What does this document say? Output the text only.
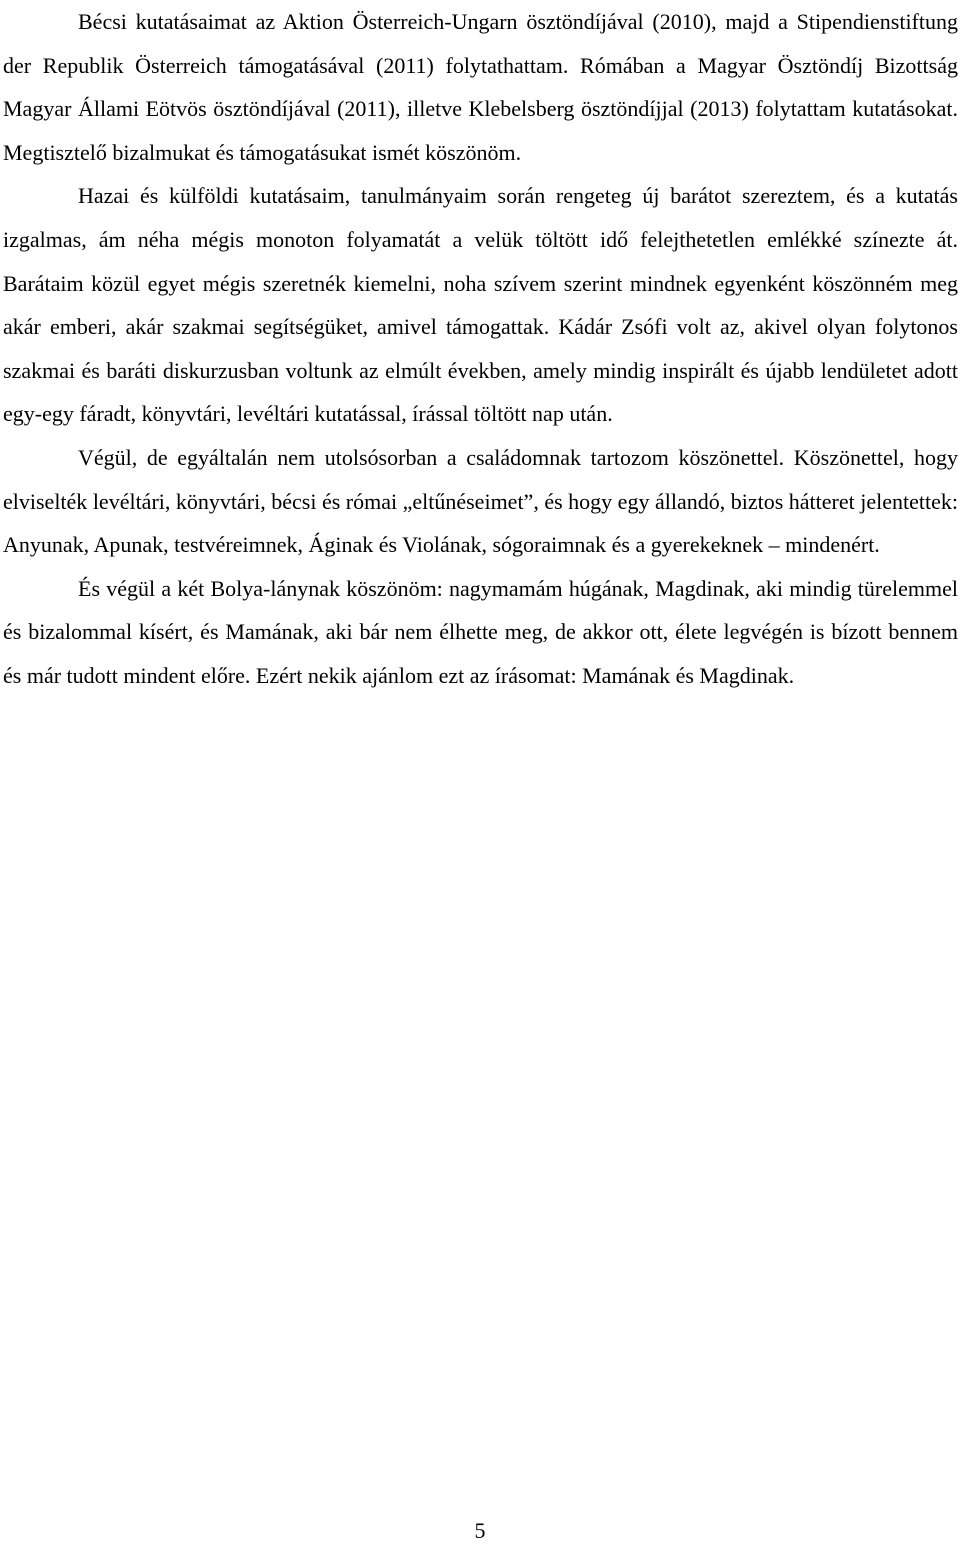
Bécsi kutatásaimat az Aktion Österreich-Ungarn ösztöndíjával (2010), majd a Stipendienstiftung der Republik Österreich támogatásával (2011) folytathattam. Rómában a Magyar Ösztöndíj Bizottság Magyar Állami Eötvös ösztöndíjával (2011), illetve Klebelsberg ösztöndíjjal (2013) folytattam kutatásokat. Megtisztelő bizalmukat és támogatásukat ismét köszönöm.

Hazai és külföldi kutatásaim, tanulmányaim során rengeteg új barátot szereztem, és a kutatás izgalmas, ám néha mégis monoton folyamatát a velük töltött idő felejthetetlen emlékké színezte át. Barátaim közül egyet mégis szeretnék kiemelni, noha szívem szerint mindnek egyenként köszönném meg akár emberi, akár szakmai segítségüket, amivel támogattak. Kádár Zsófi volt az, akivel olyan folytonos szakmai és baráti diskurzusban voltunk az elmúlt években, amely mindig inspirált és újabb lendületet adott egy-egy fáradt, könyvtári, levéltári kutatással, írással töltött nap után.

Végül, de egyáltalán nem utolsósorban a családomnak tartozom köszönettel. Köszönettel, hogy elviselték levéltári, könyvtári, bécsi és római „eltűnéseimet”, és hogy egy állandó, biztos hátteret jelentettek: Anyunak, Apunak, testvéreimnek, Áginak és Violának, sógoraimnak és a gyerekeknek – mindenért.

És végül a két Bolya-lánynak köszönöm: nagymamám húgának, Magdinak, aki mindig türelemmel és bizalommal kísért, és Mamának, aki bár nem élhette meg, de akkor ott, élete legvégén is bízott bennem és már tudott mindent előre. Ezért nekik ajánlom ezt az írásomat: Mamának és Magdinak.

5
